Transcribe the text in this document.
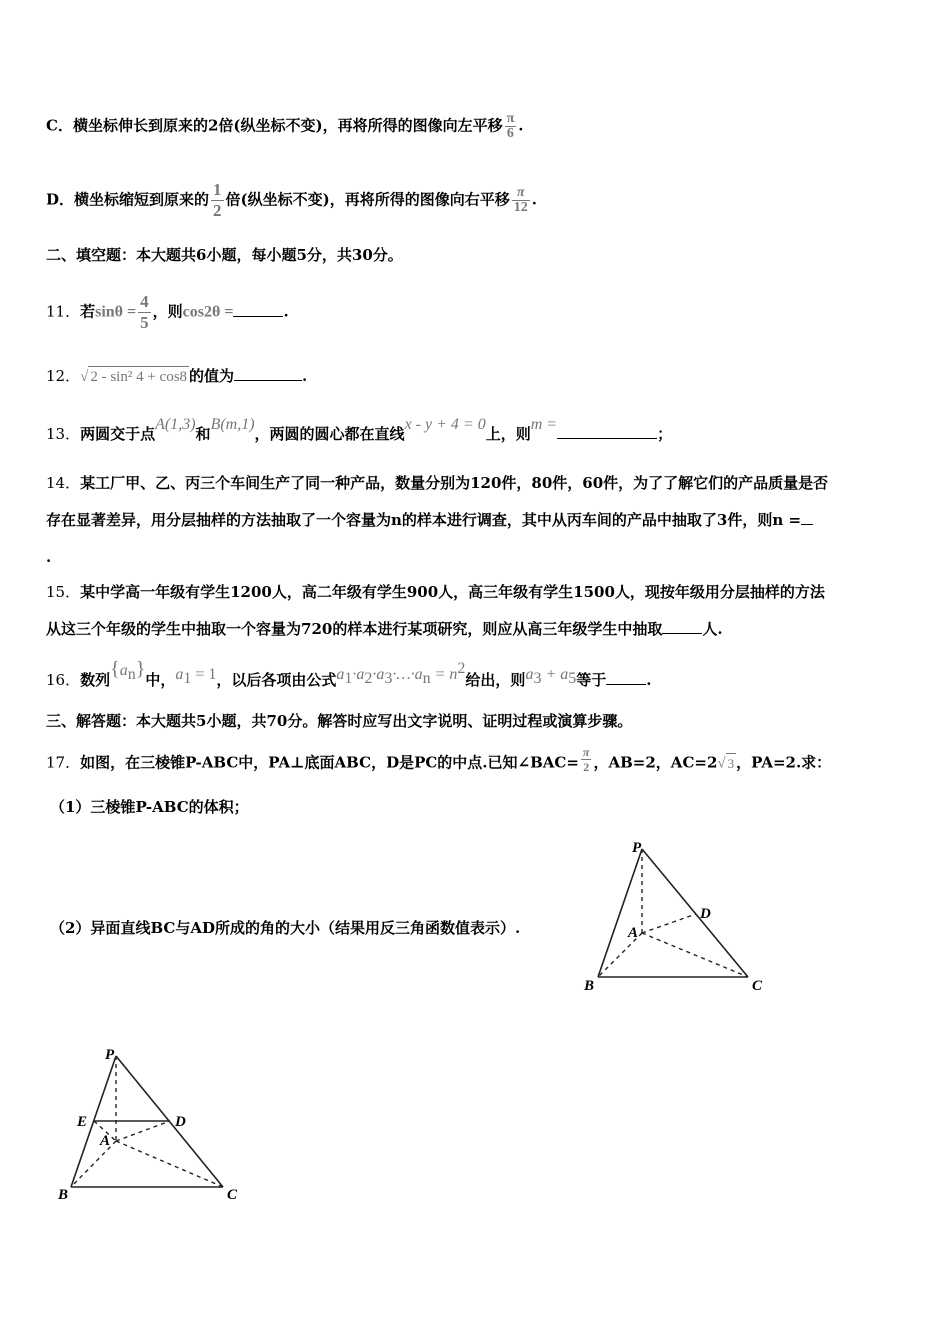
C．横坐标伸长到原来的2倍(纵坐标不变)，再将所得的图像向左平移 $\frac{\pi}{6}$ .
D．横坐标缩短到原来的 $\frac{1}{2}$ 倍(纵坐标不变)，再将所得的图像向右平移 $\frac{\pi}{12}$ .
二、填空题：本大题共6小题，每小题5分，共30分。
11．若$\sin\theta = \frac{4}{5}$ ，则cos2θ =	.
12．√ 2 - sin² 4 + cos8 的值为	.
13．两圆交于点A(1,3)和B(m,1)，两圆的圆心都在直线x - y + 4 = 0上，则m =；
14．某工厂甲、乙、丙三个车间生产了同一种产品，数量分别为120件，80件，60件，为了了解它们的产品质量是否
存在显著差异，用分层抽样的方法抽取了一个容量为n的样本进行调查，其中从丙车间的产品中抽取了3件，则n =
.
15．某中学高一年级有学生1200人，高二年级有学生900人，高三年级有学生1500人，现按年级用分层抽样的方法
从这三个年级的学生中抽取一个容量为720的样本进行某项研究，则应从高三年级学生中抽取	人.
16．数列$\{a_n\}$中，$a_1 = 1$，以后各项由公式$a_1\cdot a_2\cdot a_3\cdot\dots\cdot a_n = n^2$给出，则$a_3 + a_5$等于	.
三、解答题：本大题共5小题，共70分。解答时应写出文字说明、证明过程或演算步骤。
17．如图，在三棱锥P-ABC中，PA⊥底面ABC，D是PC的中点.已知∠BAC= $\frac{\pi}{2}$ ，AB=2，AC=2√ 3 ，PA=2.求：
（1）三棱锥P-ABC的体积；
（2）异面直线BC与AD所成的角的大小（结果用反三角函数值表示）.
P
D
A
B	C
P
E	D
A
B	C
